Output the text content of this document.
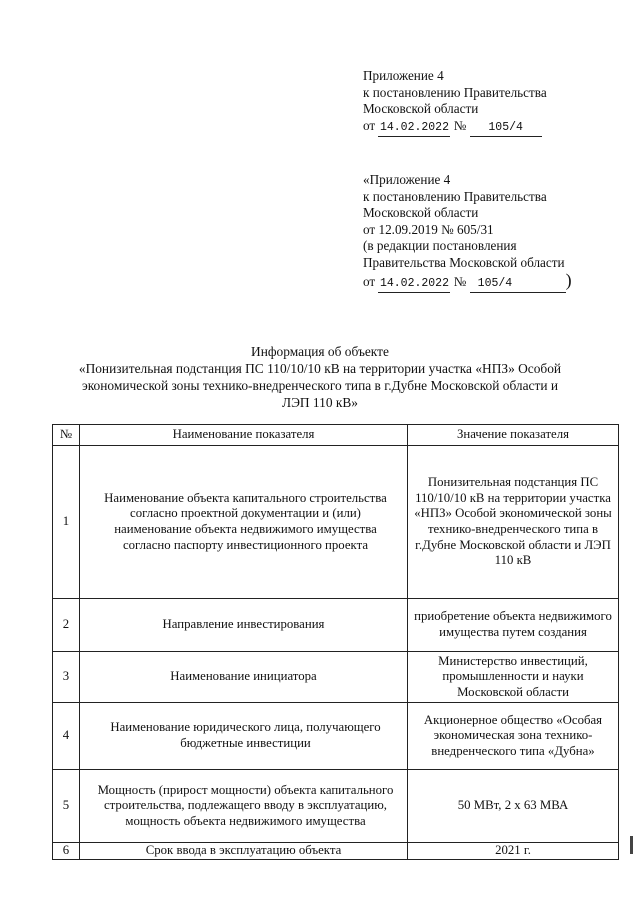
Приложение 4
к постановлению Правительства
Московской области
от 14.02.2022 № 105/4
«Приложение 4
к постановлению Правительства
Московской области
от 12.09.2019 № 605/31
(в редакции постановления
Правительства Московской области
от 14.02.2022 № 105/4	)
Информация об объекте
«Понизительная подстанция ПС 110/10/10 кВ на территории участка «НПЗ» Особой
экономической зоны технико-внедренческого типа в г.Дубне Московской области и
ЛЭП 110 кВ»
№	Наименование показателя	Значение показателя
1	Наименование объекта капитального строительства согласно проектной документации и (или) наименование объекта недвижимого имущества согласно паспорту инвестиционного проекта	Понизительная подстанция ПС 110/10/10 кВ на территории участка «НПЗ» Особой экономической зоны технико-внедренческого типа в г.Дубне Московской области и ЛЭП 110 кВ
2	Направление инвестирования	приобретение объекта недвижимого имущества путем создания
3	Наименование инициатора	Министерство инвестиций, промышленности и науки Московской области
4	Наименование юридического лица, получающего бюджетные инвестиции	Акционерное общество «Особая экономическая зона технико-внедренческого типа «Дубна»
5	Мощность (прирост мощности) объекта капитального строительства, подлежащего вводу в эксплуатацию, мощность объекта недвижимого имущества	50 МВт, 2 х 63 МВА
6	Срок ввода в эксплуатацию объекта	2021 г.
